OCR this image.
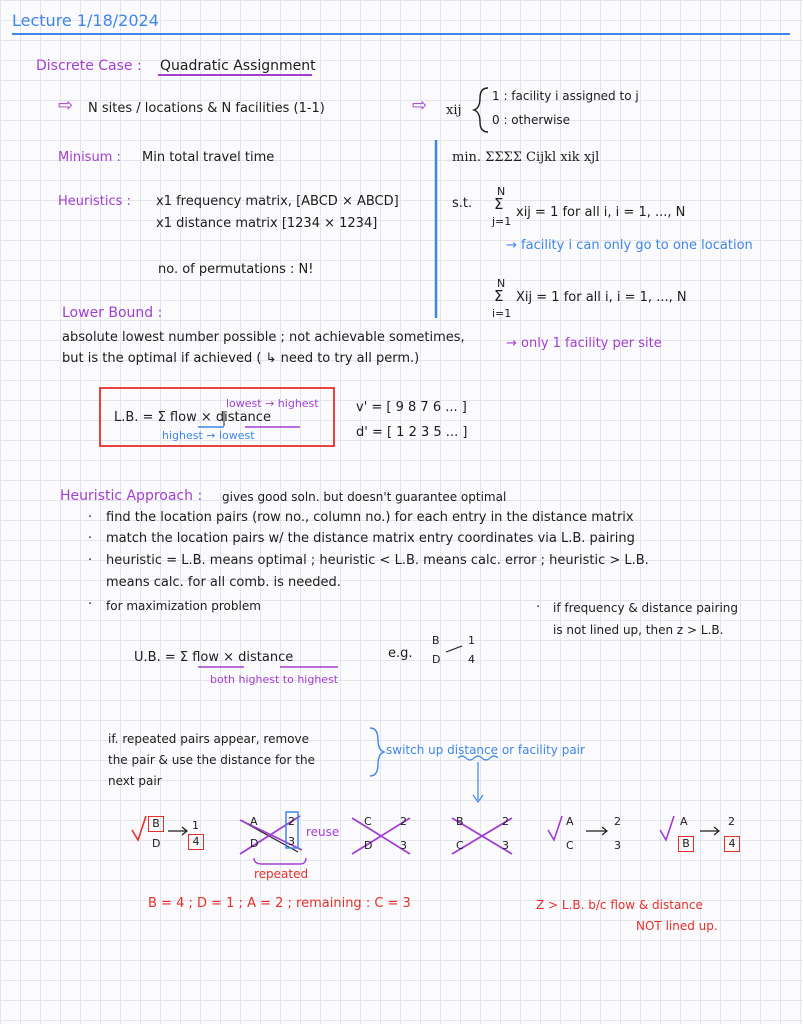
Lecture 1/18/2024
Discrete Case : Quadratic Assignment
⇨ N sites / locations & N facilities (1-1)	⇨ xij
1 : facility i assigned to j
0 : otherwise
Minisum : Min total travel time	min. ΣΣΣΣ Cijkl xik xjl
Heuristics : x1 frequency matrix, [ABCD × ABCD]
x1 distance matrix [1234 × 1234]
no. of permutations : N!
s.t.
N
Σ
j=1
xij = 1 for all i, i = 1, ..., N
→ facility i can only go to one location
N
Σ
i=1
Xij = 1 for all i, i = 1, ..., N
→ only 1 facility per site
Lower Bound :
absolute lowest number possible ; not achievable sometimes,
but is the optimal if achieved ( ↳ need to try all perm.)
lowest → highest
L.B. = Σ flow × distance
highest → lowest
v' = [ 9 8 7 6 ... ]
d' = [ 1 2 3 5 ... ]
Heuristic Approach : gives good soln. but doesn't guarantee optimal
· find the location pairs (row no., column no.) for each entry in the distance matrix
· match the location pairs w/ the distance matrix entry coordinates via L.B. pairing
· heuristic = L.B. means optimal ; heuristic < L.B. means calc. error ; heuristic > L.B.
means calc. for all comb. is needed.
· for maximization problem	· if frequency & distance pairing
is not lined up, then z > L.B.
U.B. = Σ flow × distance
both highest to highest
e.g.
B
D
1
4
if. repeated pairs appear, remove
the pair & use the distance for the
next pair
switch up distance or facility pair
B
D
1
4
A
D
2
3
reuse
repeated
C
D
2
3
B
C
2
3
A
C
2
3
A
B
2
4
B = 4 ; D = 1 ; A = 2 ; remaining : C = 3	Z > L.B. b/c flow & distance
NOT lined up.
